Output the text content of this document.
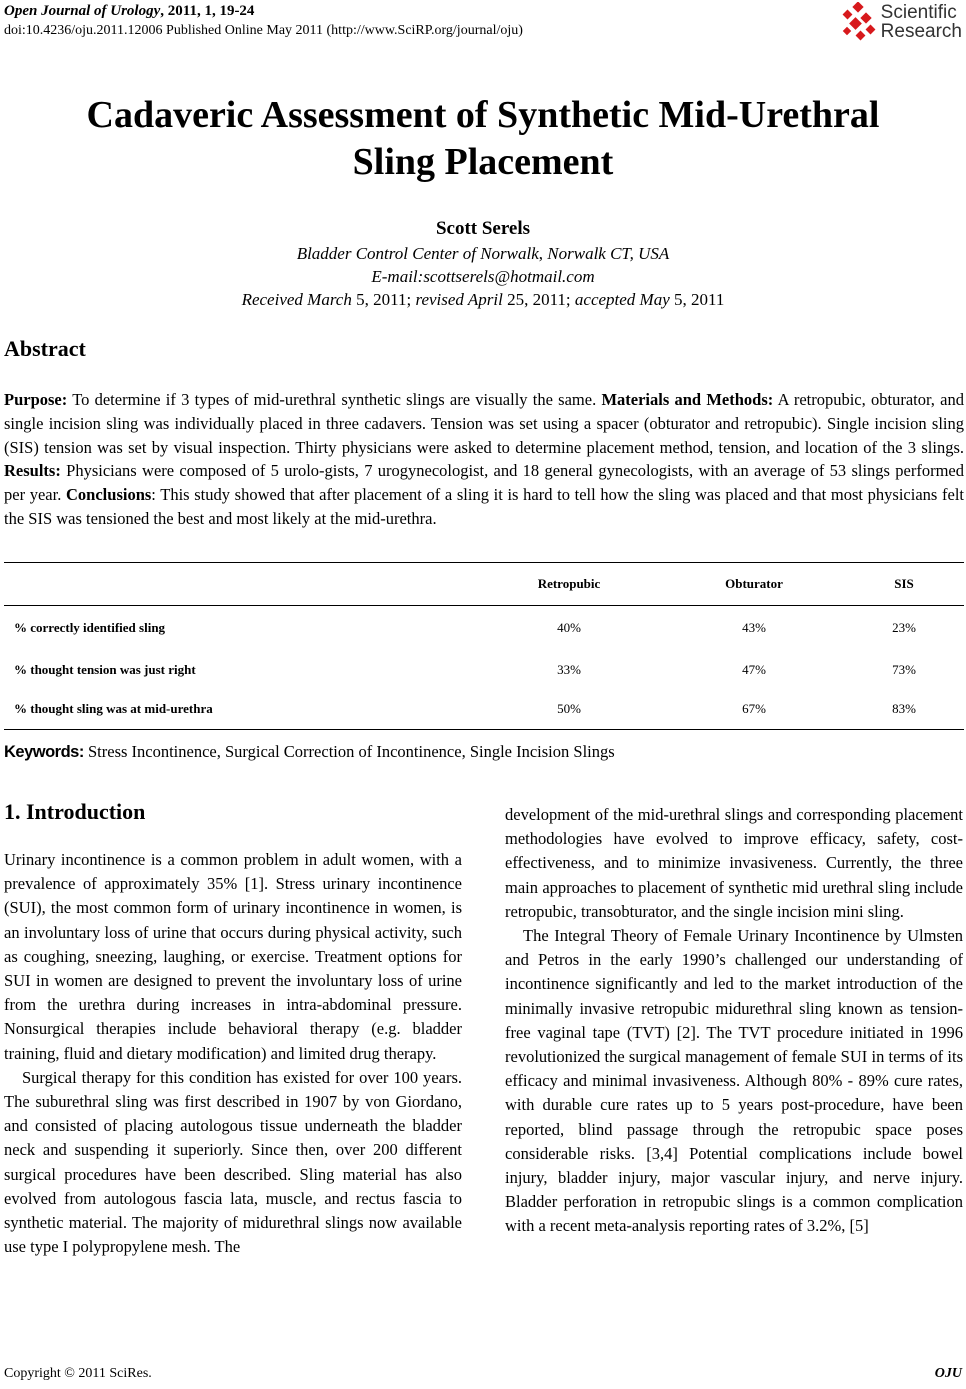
Open Journal of Urology, 2011, 1, 19-24
doi:10.4236/oju.2011.12006 Published Online May 2011 (http://www.SciRP.org/journal/oju)
Scientific
Research
Cadaveric Assessment of Synthetic Mid-Urethral
Sling Placement
Scott Serels
Bladder Control Center of Norwalk, Norwalk CT, USA
E-mail:scottserels@hotmail.com
Received March 5, 2011; revised April 25, 2011; accepted May 5, 2011
Abstract
Purpose: To determine if 3 types of mid-urethral synthetic slings are visually the same. Materials and Methods: A retropubic, obturator, and single incision sling was individually placed in three cadavers. Tension was set using a spacer (obturator and retropubic). Single incision sling (SIS) tension was set by visual inspection. Thirty physicians were asked to determine placement method, tension, and location of the 3 slings. Results: Physicians were composed of 5 urolo-gists, 7 urogynecologist, and 18 general gynecologists, with an average of 53 slings performed per year. Conclusions: This study showed that after placement of a sling it is hard to tell how the sling was placed and that most physicians felt the SIS was tensioned the best and most likely at the mid-urethra.
	Retropubic	Obturator	SIS
% correctly identified sling	40%	43%	23%
% thought tension was just right	33%	47%	73%
% thought sling was at mid-urethra	50%	67%	83%
Keywords: Stress Incontinence, Surgical Correction of Incontinence, Single Incision Slings
1. Introduction

Urinary incontinence is a common problem in adult women, with a prevalence of approximately 35% [1]. Stress urinary incontinence (SUI), the most common form of urinary incontinence in women, is an involuntary loss of urine that occurs during physical activity, such as coughing, sneezing, laughing, or exercise. Treatment options for SUI in women are designed to prevent the involuntary loss of urine from the urethra during increases in intra-abdominal pressure. Nonsurgical therapies include behavioral therapy (e.g. bladder training, fluid and dietary modification) and limited drug therapy.

Surgical therapy for this condition has existed for over 100 years. The suburethral sling was first described in 1907 by von Giordano, and consisted of placing autologous tissue underneath the bladder neck and suspending it superiorly. Since then, over 200 different surgical procedures have been described. Sling material has also evolved from autologous fascia lata, muscle, and rectus fascia to synthetic material. The majority of midurethral slings now available use type I polypropylene mesh. The

development of the mid-urethral slings and corresponding placement methodologies have evolved to improve efficacy, safety, cost-effectiveness, and to minimize invasiveness. Currently, the three main approaches to placement of synthetic mid urethral sling include retropubic, transobturator, and the single incision mini sling.

The Integral Theory of Female Urinary Incontinence by Ulmsten and Petros in the early 1990’s challenged our understanding of incontinence significantly and led to the market introduction of the minimally invasive retropubic midurethral sling known as tension-free vaginal tape (TVT) [2]. The TVT procedure initiated in 1996 revolutionized the surgical management of female SUI in terms of its efficacy and minimal invasiveness. Although 80% - 89% cure rates, with durable cure rates up to 5 years post-procedure, have been reported, blind passage through the retropubic space poses considerable risks. [3,4] Potential complications include bowel injury, bladder injury, major vascular injury, and nerve injury. Bladder perforation in retropubic slings is a common complication with a recent meta-analysis reporting rates of 3.2%, [5]

Copyright © 2011 SciRes.	OJU
